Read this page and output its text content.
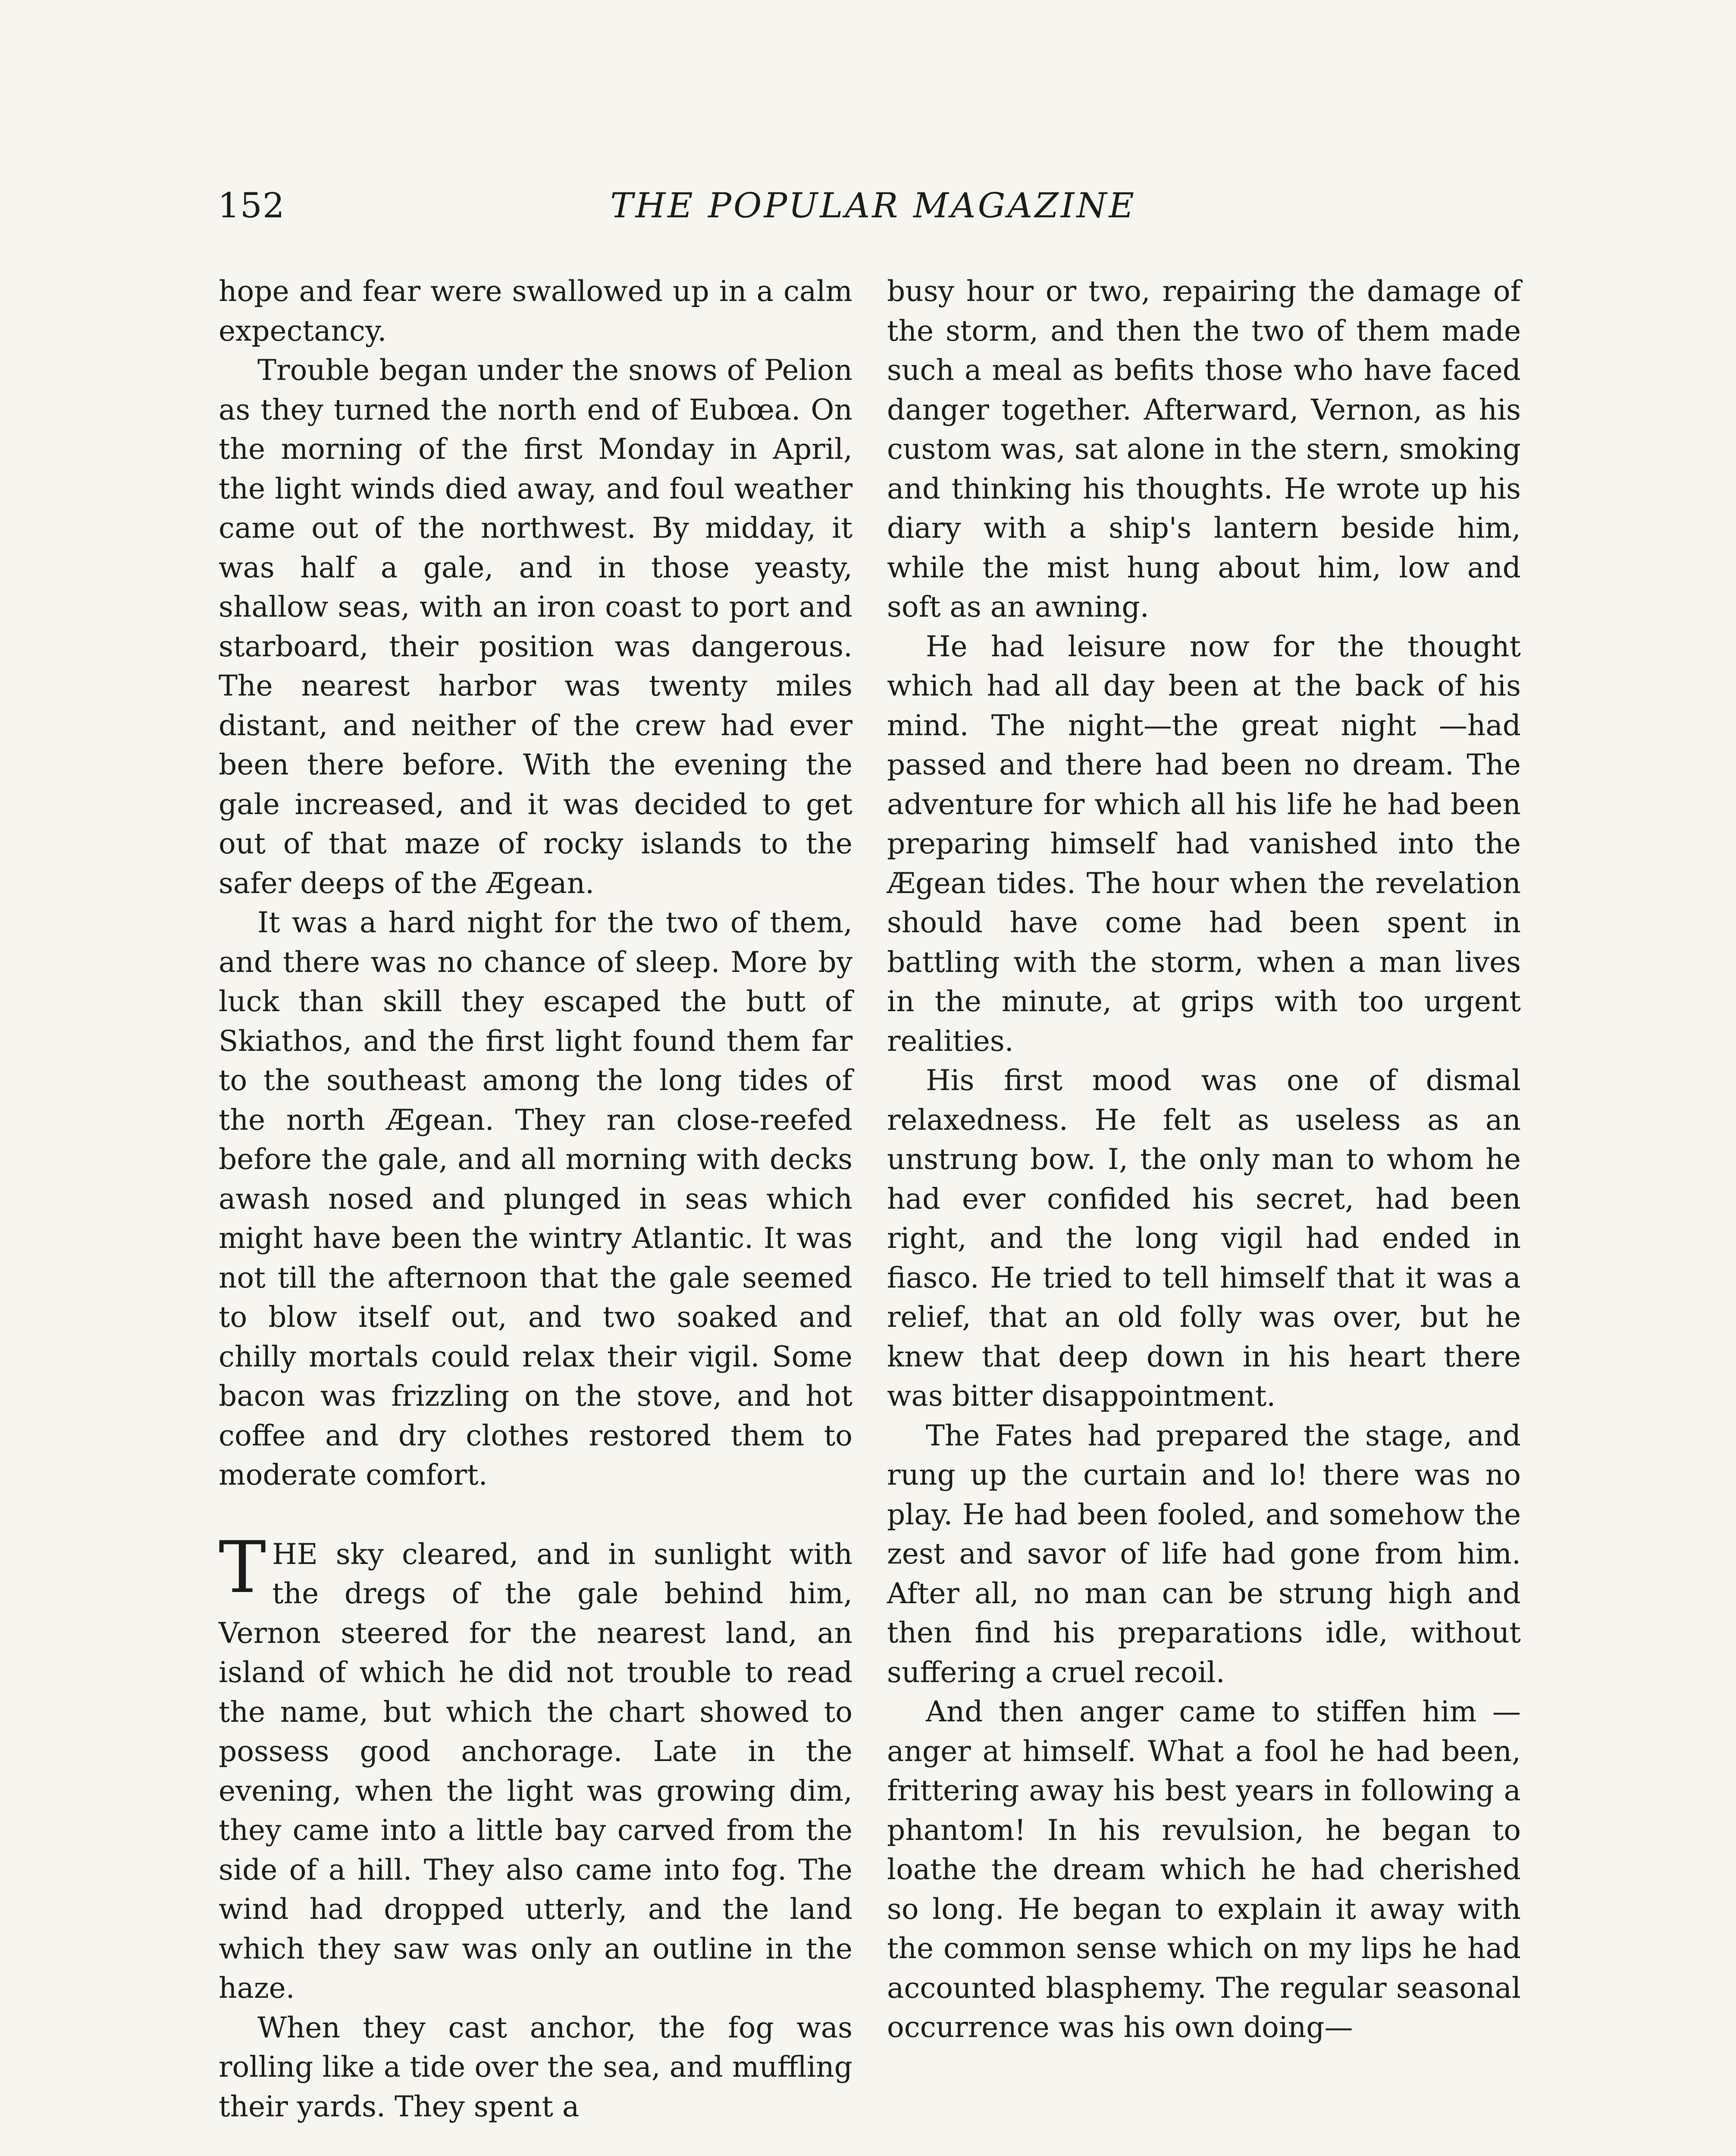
152	THE POPULAR MAGAZINE

hope and fear were swallowed up in a calm expectancy.

Trouble began under the snows of Pelion as they turned the north end of Eubœa. On the morning of the first Monday in April, the light winds died away, and foul weather came out of the northwest. By midday, it was half a gale, and in those yeasty, shallow seas, with an iron coast to port and starboard, their position was dangerous. The nearest harbor was twenty miles distant, and neither of the crew had ever been there before. With the evening the gale increased, and it was decided to get out of that maze of rocky islands to the safer deeps of the Ægean.

It was a hard night for the two of them, and there was no chance of sleep. More by luck than skill they escaped the butt of Skiathos, and the first light found them far to the southeast among the long tides of the north Ægean. They ran close-reefed before the gale, and all morning with decks awash nosed and plunged in seas which might have been the wintry Atlantic. It was not till the afternoon that the gale seemed to blow itself out, and two soaked and chilly mortals could relax their vigil. Some bacon was frizzling on the stove, and hot coffee and dry clothes restored them to moderate comfort.

THE sky cleared, and in sunlight with the dregs of the gale behind him, Vernon steered for the nearest land, an island of which he did not trouble to read the name, but which the chart showed to possess good anchorage. Late in the evening, when the light was growing dim, they came into a little bay carved from the side of a hill. They also came into fog. The wind had dropped utterly, and the land which they saw was only an outline in the haze.

When they cast anchor, the fog was rolling like a tide over the sea, and muffling their yards. They spent a

busy hour or two, repairing the damage of the storm, and then the two of them made such a meal as befits those who have faced danger together. Afterward, Vernon, as his custom was, sat alone in the stern, smoking and thinking his thoughts. He wrote up his diary with a ship's lantern beside him, while the mist hung about him, low and soft as an awning.

He had leisure now for the thought which had all day been at the back of his mind. The night—the great night —had passed and there had been no dream. The adventure for which all his life he had been preparing himself had vanished into the Ægean tides. The hour when the revelation should have come had been spent in battling with the storm, when a man lives in the minute, at grips with too urgent realities.

His first mood was one of dismal relaxedness. He felt as useless as an unstrung bow. I, the only man to whom he had ever confided his secret, had been right, and the long vigil had ended in fiasco. He tried to tell himself that it was a relief, that an old folly was over, but he knew that deep down in his heart there was bitter disappointment.

The Fates had prepared the stage, and rung up the curtain and lo! there was no play. He had been fooled, and somehow the zest and savor of life had gone from him. After all, no man can be strung high and then find his preparations idle, without suffering a cruel recoil.

And then anger came to stiffen him —anger at himself. What a fool he had been, frittering away his best years in following a phantom! In his revulsion, he began to loathe the dream which he had cherished so long. He began to explain it away with the common sense which on my lips he had accounted blasphemy. The regular seasonal occurrence was his own doing—
